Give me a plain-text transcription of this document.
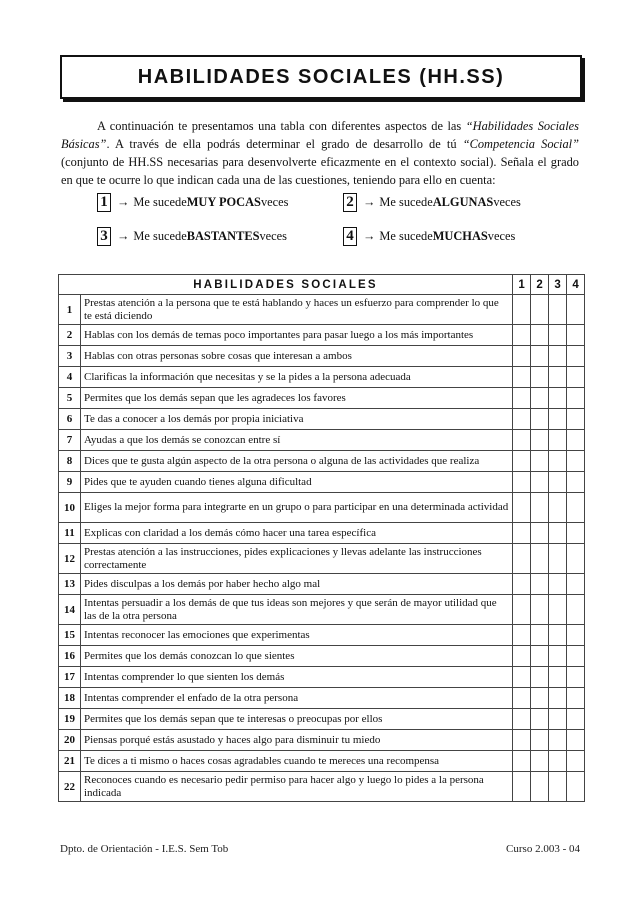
HABILIDADES SOCIALES (HH.SS)

A continuación te presentamos una tabla con diferentes aspectos de las “Habilidades Sociales Básicas”. A través de ella podrás determinar el grado de desarrollo de tú “Competencia Social” (conjunto de HH.SS necesarias para desenvolverte eficazmente en el contexto social). Señala el grado en que te ocurre lo que indican cada una de las cuestiones, teniendo para ello en cuenta:

1 → Me sucede MUY POCAS veces	2 → Me sucede ALGUNAS veces
3 → Me sucede BASTANTES veces	4 → Me sucede MUCHAS veces
HABILIDADES SOCIALES		1	2	3	4
1	Prestas atención a la persona que te está hablando y haces un esfuerzo para comprender lo que te está diciendo				
2	Hablas con los demás de temas poco importantes para pasar luego a los más importantes				
3	Hablas con otras personas sobre cosas que interesan a ambos				
4	Clarificas la información que necesitas y se la pides a la persona adecuada				
5	Permites que los demás sepan que les agradeces los favores				
6	Te das a conocer a los demás por propia iniciativa				
7	Ayudas a que los demás se conozcan entre sí				
8	Dices que te gusta algún aspecto de la otra persona o alguna de las actividades que realiza				
9	Pides que te ayuden cuando tienes alguna dificultad				
10	Eliges la mejor forma para integrarte en un grupo o para participar en una determinada actividad				
11	Explicas con claridad a los demás cómo hacer una tarea específica				
12	Prestas atención a las instrucciones, pides explicaciones y llevas adelante las instrucciones correctamente				
13	Pides disculpas a los demás por haber hecho algo mal				
14	Intentas persuadir a los demás de que tus ideas son mejores y que serán de mayor utilidad que las de la otra persona				
15	Intentas reconocer las emociones que experimentas				
16	Permites que los demás conozcan lo que sientes				
17	Intentas comprender lo que sienten los demás				
18	Intentas comprender el enfado de la otra persona				
19	Permites que los demás sepan que te interesas o preocupas por ellos				
20	Piensas porqué estás asustado y haces algo para disminuir tu miedo				
21	Te dices a ti mismo o haces cosas agradables cuando te mereces una recompensa				
22	Reconoces cuando es necesario pedir permiso para hacer algo y luego lo pides a la persona indicada				
Dpto. de Orientación - I.E.S. Sem Tob	Curso 2.003 - 04
